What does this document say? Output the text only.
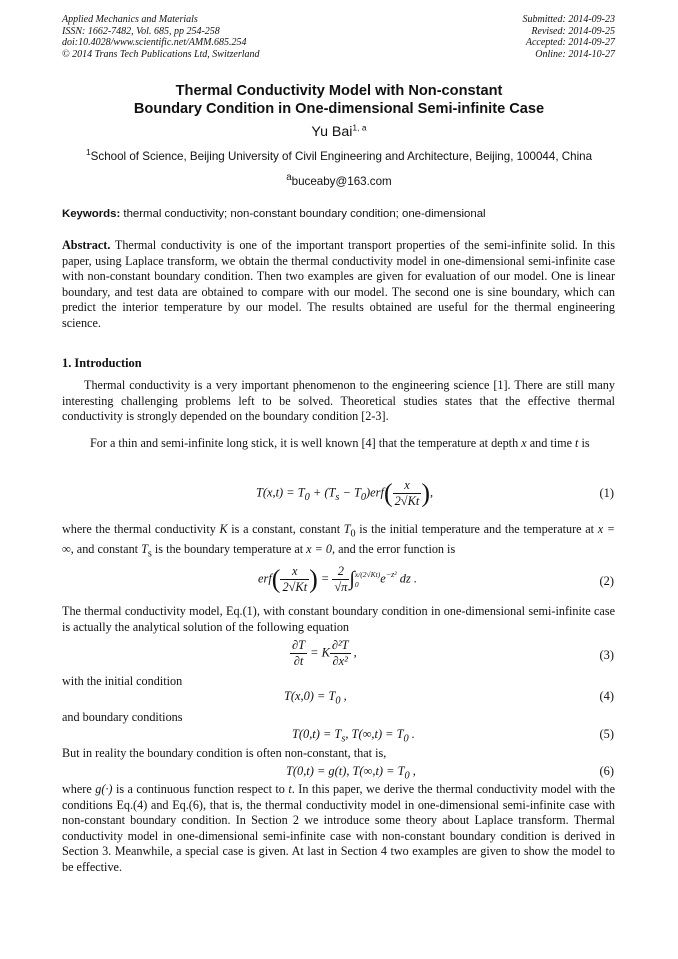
Applied Mechanics and Materials
ISSN: 1662-7482, Vol. 685, pp 254-258
doi:10.4028/www.scientific.net/AMM.685.254
© 2014 Trans Tech Publications Ltd, Switzerland
Submitted: 2014-09-23
Revised: 2014-09-25
Accepted: 2014-09-27
Online: 2014-10-27
Thermal Conductivity Model with Non-constant
Boundary Condition in One-dimensional Semi-infinite Case
Yu Bai$^{1, a}$
$^1$School of Science, Beijing University of Civil Engineering and Architecture, Beijing, 100044, China
$^a$buceaby@163.com
Keywords: thermal conductivity; non-constant boundary condition; one-dimensional
Abstract. Thermal conductivity is one of the important transport properties of the semi-infinite solid. In this paper, using Laplace transform, we obtain the thermal conductivity model in one-dimensional semi-infinite case with non-constant boundary condition. Then two examples are given for evaluation of our model. One is linear boundary, and test data are obtained to compare with our model. The second one is sine boundary, which can predict the interior temperature by our model. The results obtained are useful for the thermal engineering science.
1. Introduction
Thermal conductivity is a very important phenomenon to the engineering science [1]. There are still many interesting challenging problems left to be solved. Theoretical studies states that the effective thermal conductivity is strongly depended on the boundary condition [2-3].
For a thin and semi-infinite long stick, it is well known [4] that the temperature at depth x and time t is
$T(x,t) = T_0 + (T_s - T_0)erf( \frac{x}{2√Kt}$ ),	(1)
where the thermal conductivity K is a constant, constant $T_0$ is the initial temperature and the temperature at x = ∞, and constant $T_s$ is the boundary temperature at x = 0, and the error function is
$erf( \frac{x}{2√Kt}$ ) = $\frac{2}{√\pi}$ ∫ x/(2√Kt)
0	$e^{-z^2}$ dz .	(2)
The thermal conductivity model, Eq.(1), with constant boundary condition in one-dimensional semi-infinite case is actually the analytical solution of the following equation
$\frac{\partial T}{\partial t} = K \frac{\text{∂²T}}{\text{∂x²}}$ ,	(3)
with the initial condition
$T(x,0) = T_0$ ,	(4)
and boundary conditions
$T(0,t) = T_s$, $T(\infty,t) = T_0$ .	(5)
But in reality the boundary condition is often non-constant, that is,
T(0,t) = g(t), $T(\infty,t) = T_0$ ,	(6)
where g(·) is a continuous function respect to t. In this paper, we derive the thermal conductivity model with the conditions Eq.(4) and Eq.(6), that is, the thermal conductivity model in one-dimensional semi-infinite case with non-constant boundary condition. In Section 2 we introduce some theory about Laplace transform. Thermal conductivity model in one-dimensional semi-infinite case with non-constant boundary condition is derived in Section 3. Meanwhile, a special case is given. At last in Section 4 two examples are given to show the model to be effective.
